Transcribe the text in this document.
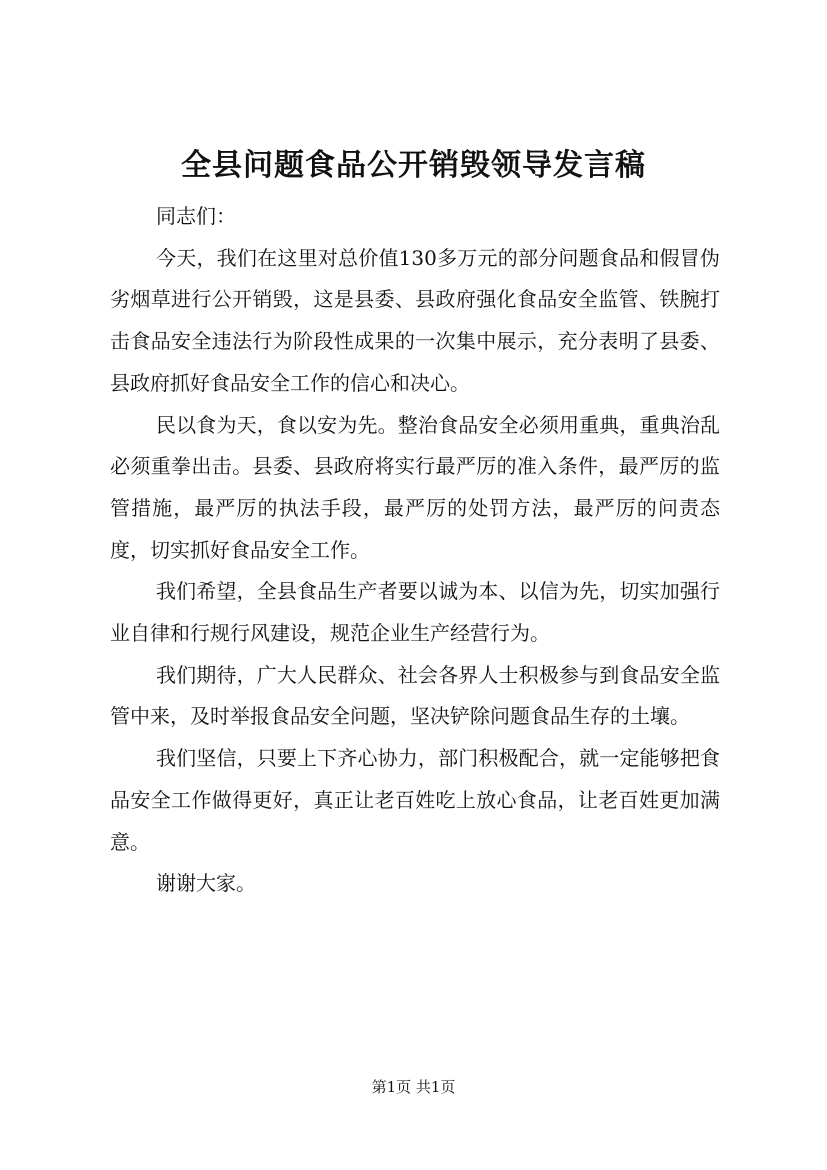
全县问题食品公开销毁领导发言稿

同志们：

今天，我们在这里对总价值130多万元的部分问题食品和假冒伪劣烟草进行公开销毁，这是县委、县政府强化食品安全监管、铁腕打击食品安全违法行为阶段性成果的一次集中展示，充分表明了县委、县政府抓好食品安全工作的信心和决心。

民以食为天，食以安为先。整治食品安全必须用重典，重典治乱必须重拳出击。县委、县政府将实行最严厉的准入条件，最严厉的监管措施，最严厉的执法手段，最严厉的处罚方法，最严厉的问责态度，切实抓好食品安全工作。

我们希望，全县食品生产者要以诚为本、以信为先，切实加强行业自律和行规行风建设，规范企业生产经营行为。

我们期待，广大人民群众、社会各界人士积极参与到食品安全监管中来，及时举报食品安全问题，坚决铲除问题食品生存的土壤。

我们坚信，只要上下齐心协力，部门积极配合，就一定能够把食品安全工作做得更好，真正让老百姓吃上放心食品，让老百姓更加满意。

谢谢大家。

第1页 共1页
